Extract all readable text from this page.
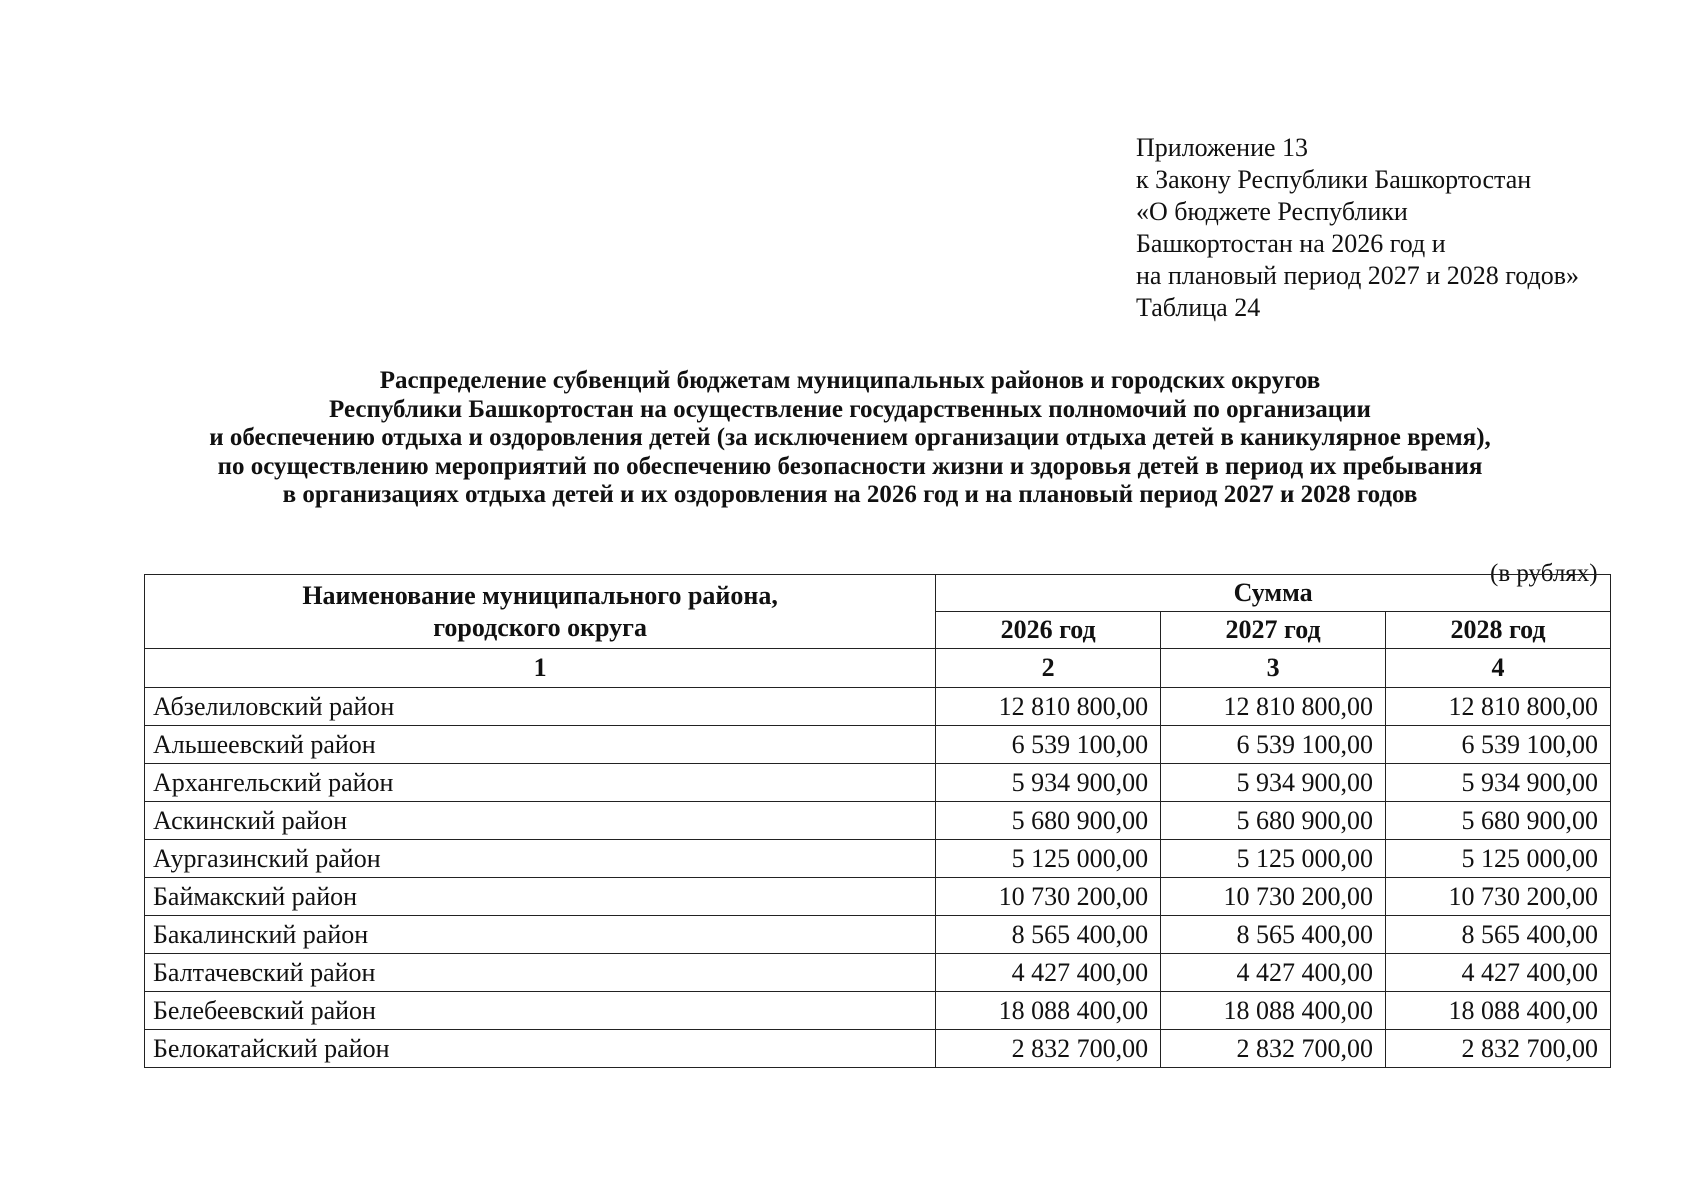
Приложение 13
к Закону Республики Башкортостан
«О бюджете Республики
Башкортостан на 2026 год и
на плановый период 2027 и 2028 годов»
Таблица 24
Распределение субвенций бюджетам муниципальных районов и городских округов
Республики Башкортостан на осуществление государственных полномочий по организации
и обеспечению отдыха и оздоровления детей (за исключением организации отдыха детей в каникулярное время),
по осуществлению мероприятий по обеспечению безопасности жизни и здоровья детей в период их пребывания
в организациях отдыха детей и их оздоровления на 2026 год и на плановый период 2027 и 2028 годов
(в рублях)
Наименование муниципального района,
городского округа	Сумма		
	2026 год	2027 год	2028 год
1	2	3	4
Абзелиловский район	12 810 800,00	12 810 800,00	12 810 800,00
Альшеевский район	6 539 100,00	6 539 100,00	6 539 100,00
Архангельский район	5 934 900,00	5 934 900,00	5 934 900,00
Аскинский район	5 680 900,00	5 680 900,00	5 680 900,00
Аургазинский район	5 125 000,00	5 125 000,00	5 125 000,00
Баймакский район	10 730 200,00	10 730 200,00	10 730 200,00
Бакалинский район	8 565 400,00	8 565 400,00	8 565 400,00
Балтачевский район	4 427 400,00	4 427 400,00	4 427 400,00
Белебеевский район	18 088 400,00	18 088 400,00	18 088 400,00
Белокатайский район	2 832 700,00	2 832 700,00	2 832 700,00
